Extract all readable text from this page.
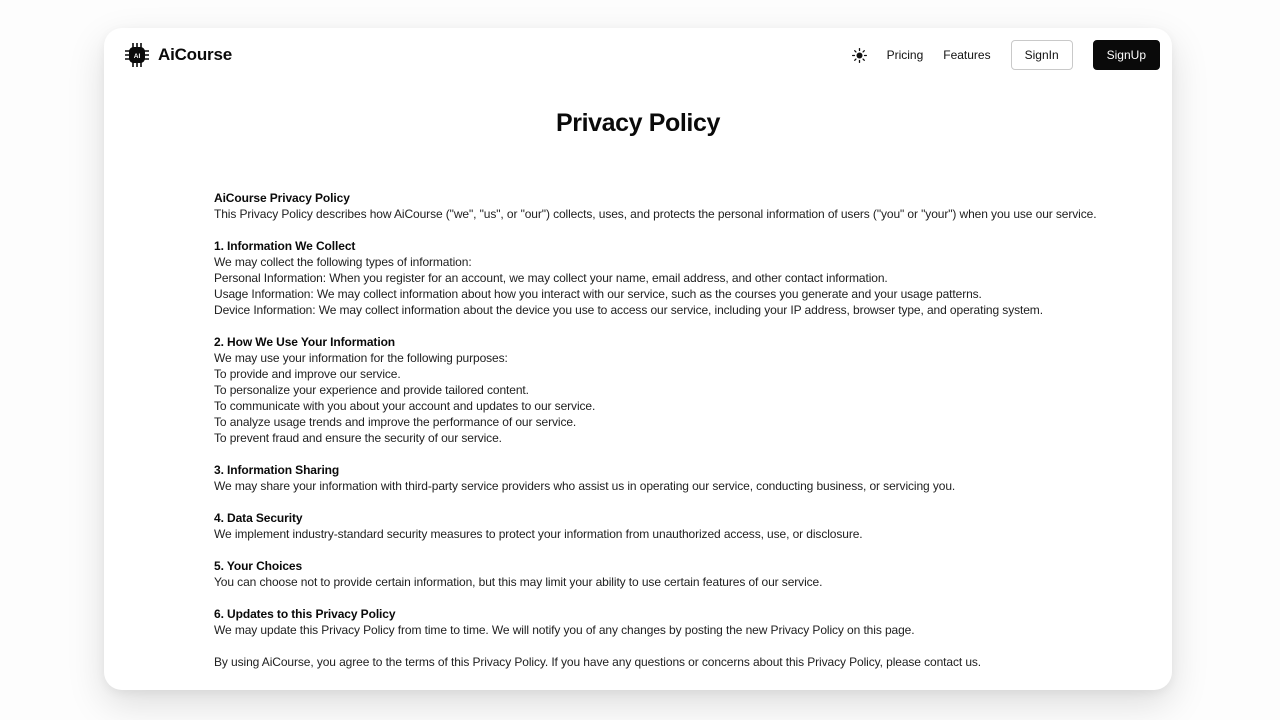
AI AiCourse	Pricing Features	SignIn	SignUp
Privacy Policy
AiCourse Privacy Policy
This Privacy Policy describes how AiCourse ("we", "us", or "our") collects, uses, and protects the personal information of users ("you" or "your") when you use our service.
1. Information We Collect
We may collect the following types of information:
Personal Information: When you register for an account, we may collect your name, email address, and other contact information.
Usage Information: We may collect information about how you interact with our service, such as the courses you generate and your usage patterns.
Device Information: We may collect information about the device you use to access our service, including your IP address, browser type, and operating system.
2. How We Use Your Information
We may use your information for the following purposes:
To provide and improve our service.
To personalize your experience and provide tailored content.
To communicate with you about your account and updates to our service.
To analyze usage trends and improve the performance of our service.
To prevent fraud and ensure the security of our service.
3. Information Sharing
We may share your information with third-party service providers who assist us in operating our service, conducting business, or servicing you.
4. Data Security
We implement industry-standard security measures to protect your information from unauthorized access, use, or disclosure.
5. Your Choices
You can choose not to provide certain information, but this may limit your ability to use certain features of our service.
6. Updates to this Privacy Policy
We may update this Privacy Policy from time to time. We will notify you of any changes by posting the new Privacy Policy on this page.
By using AiCourse, you agree to the terms of this Privacy Policy. If you have any questions or concerns about this Privacy Policy, please contact us.
